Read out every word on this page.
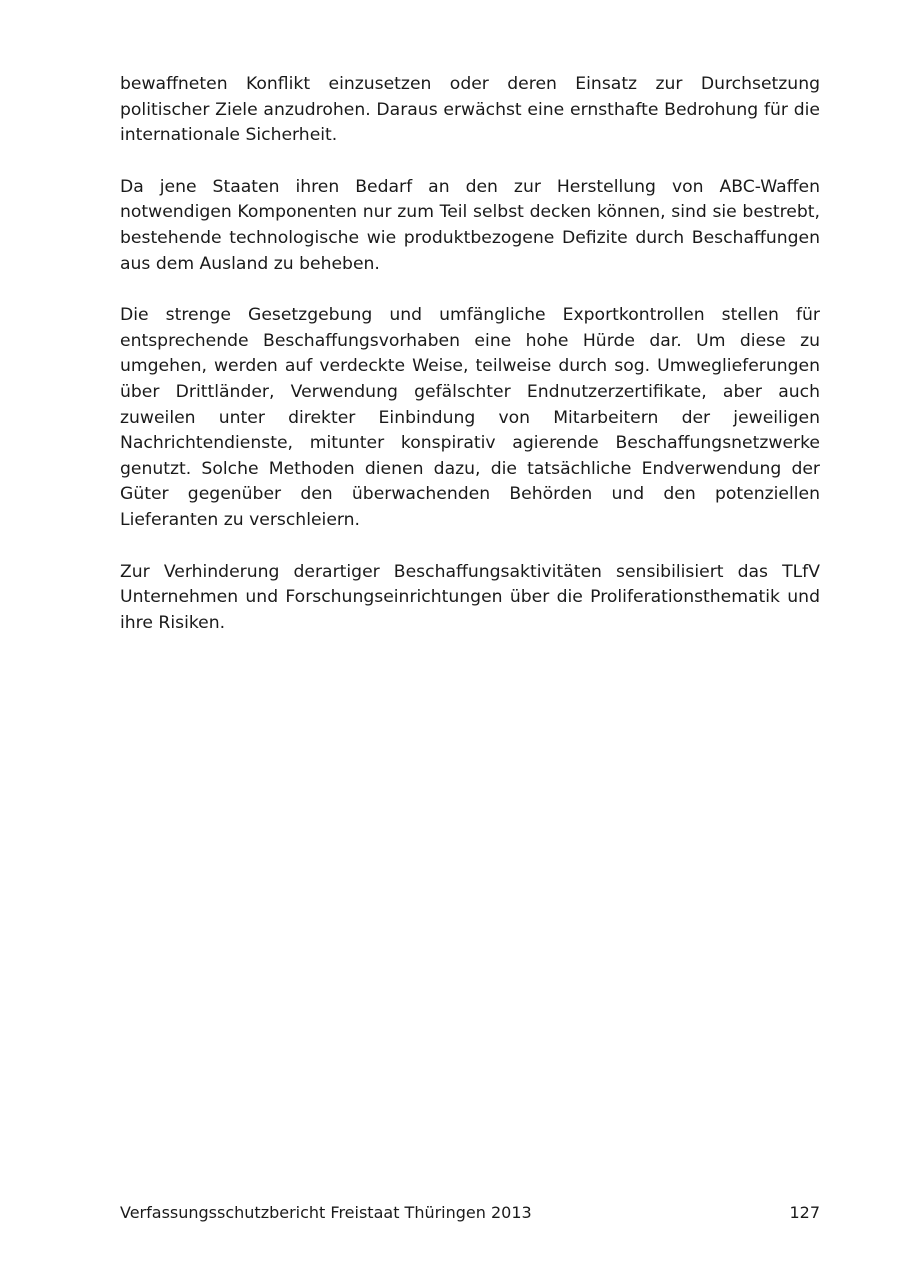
bewaffneten Konflikt einzusetzen oder deren Einsatz zur Durchsetzung politischer Ziele anzudrohen. Daraus erwächst eine ernsthafte Bedrohung für die internationale Sicherheit.

Da jene Staaten ihren Bedarf an den zur Herstellung von ABC-Waffen notwendigen Komponenten nur zum Teil selbst decken können, sind sie bestrebt, bestehende technologische wie produktbezogene Defizite durch Beschaffungen aus dem Ausland zu beheben.

Die strenge Gesetzgebung und umfängliche Exportkontrollen stellen für entsprechende Beschaffungsvorhaben eine hohe Hürde dar. Um diese zu umgehen, werden auf verdeckte Weise, teilweise durch sog. Umweglieferungen über Drittländer, Verwendung gefälschter Endnutzerzertifikate, aber auch zuweilen unter direkter Einbindung von Mitarbeitern der jeweiligen Nachrichtendienste, mitunter konspirativ agierende Beschaffungsnetzwerke genutzt. Solche Methoden dienen dazu, die tatsächliche Endverwendung der Güter gegenüber den überwachenden Behörden und den potenziellen Lieferanten zu verschleiern.

Zur Verhinderung derartiger Beschaffungsaktivitäten sensibilisiert das TLfV Unternehmen und Forschungseinrichtungen über die Proliferationsthematik und ihre Risiken.

Verfassungsschutzbericht Freistaat Thüringen 2013	127
